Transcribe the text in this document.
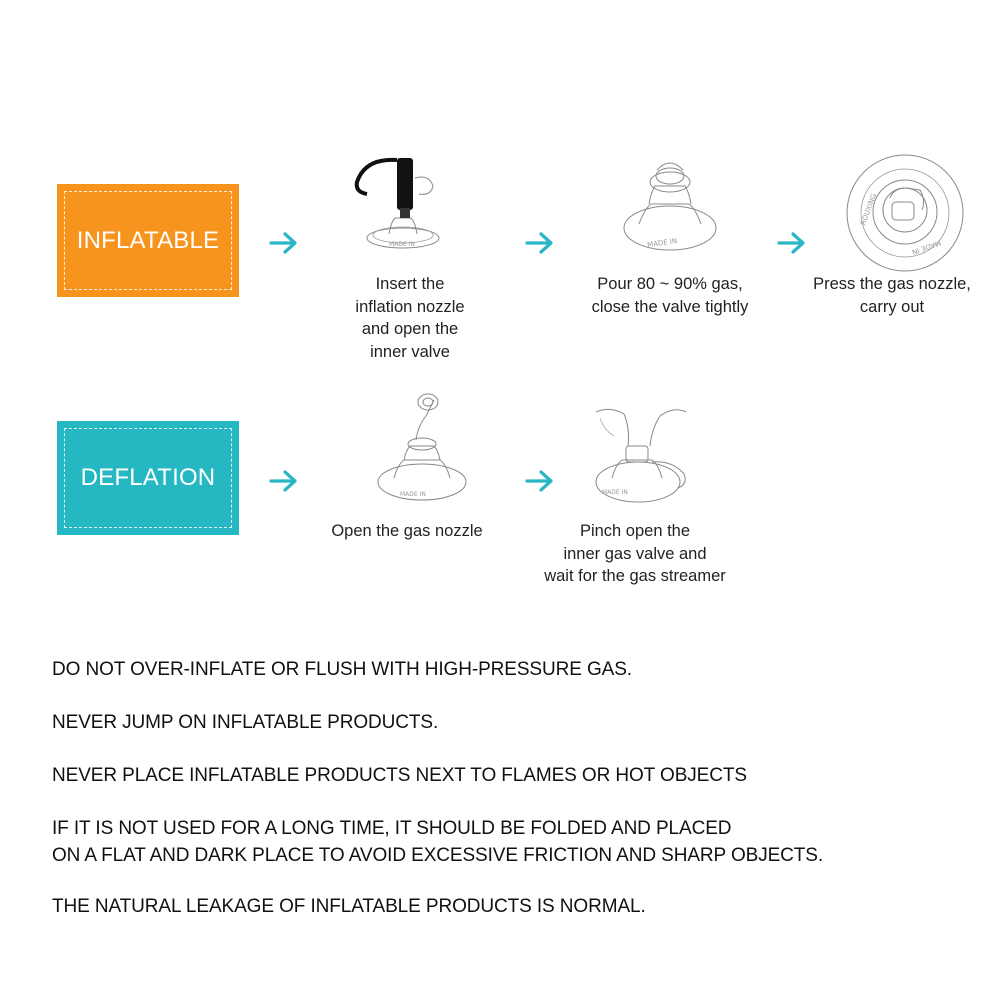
INFLATABLE	MADE IN
Insert the
inflation nozzle
and open the
inner valve
MADE IN
Pour 80 ~ 90% gas,
close the valve tightly
ROUXING
MADE IN
Press the gas nozzle,
carry out
DEFLATION
MADE IN
Open the gas nozzle
MADE IN
Pinch open the
inner gas valve and
wait for the gas streamer

DO NOT OVER-INFLATE OR FLUSH WITH HIGH-PRESSURE GAS.

NEVER JUMP ON INFLATABLE PRODUCTS.

NEVER PLACE INFLATABLE PRODUCTS NEXT TO FLAMES OR HOT OBJECTS

IF IT IS NOT USED FOR A LONG TIME, IT SHOULD BE FOLDED AND PLACED
ON A FLAT AND DARK PLACE TO AVOID EXCESSIVE FRICTION AND SHARP OBJECTS.

THE NATURAL LEAKAGE OF INFLATABLE PRODUCTS IS NORMAL.
